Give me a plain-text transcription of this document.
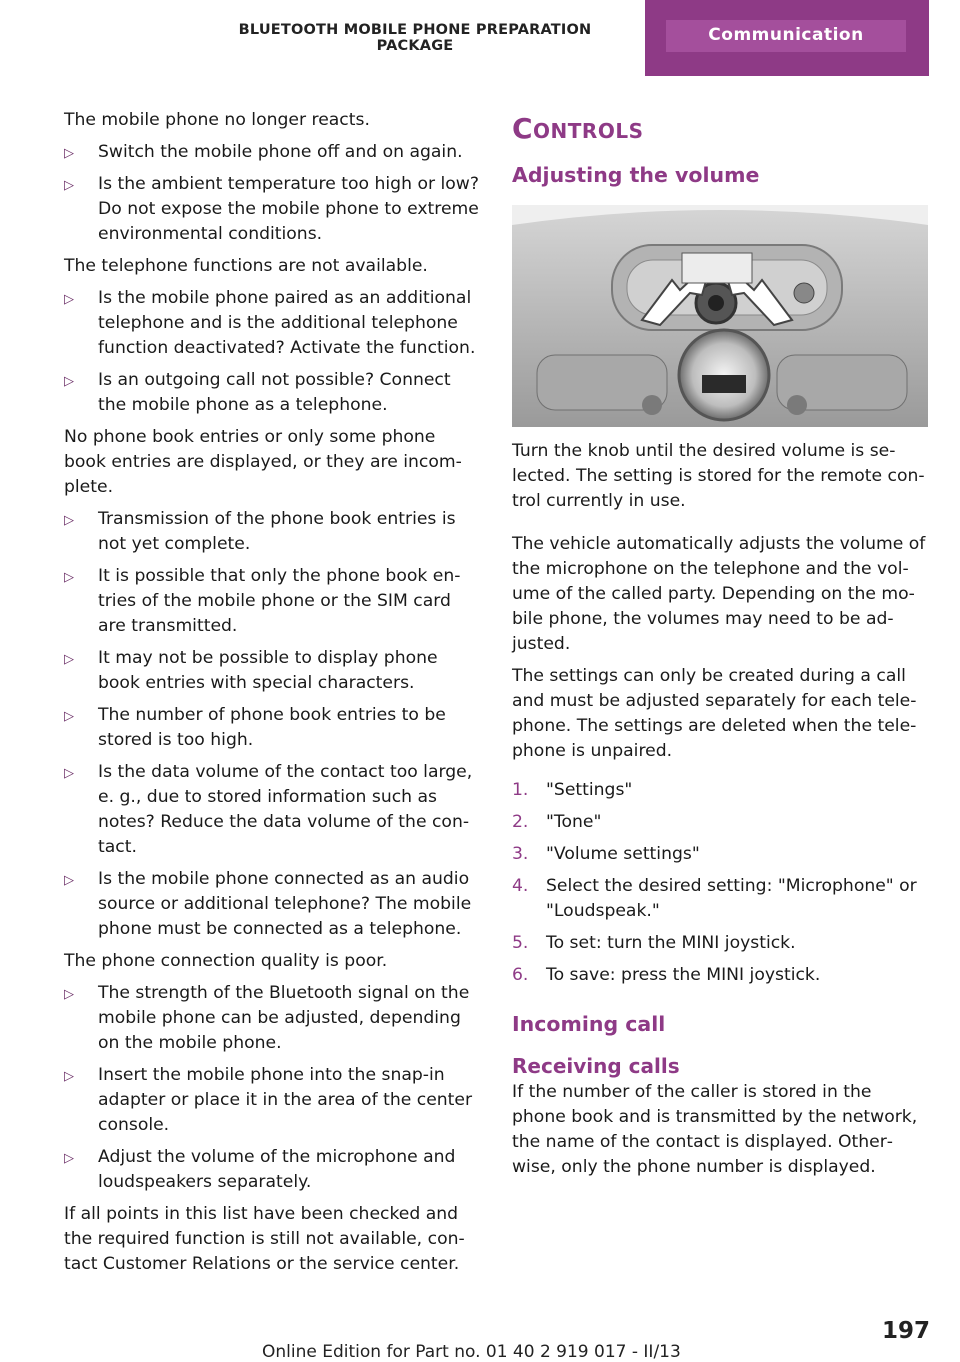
BLUETOOTH MOBILE PHONE PREPARATION PACKAGE
Communication

The mobile phone no longer reacts.

▷ Switch the mobile phone off and on again.
▷ Is the ambient temperature too high or low? Do not expose the mobile phone to extreme environmental conditions.

The telephone functions are not available.

▷ Is the mobile phone paired as an additional telephone and is the additional telephone function deactivated? Activate the function.
▷ Is an outgoing call not possible? Connect the mobile phone as a telephone.

No phone book entries or only some phone book entries are displayed, or they are incom‐plete.

▷ Transmission of the phone book entries is not yet complete.
▷ It is possible that only the phone book en‐tries of the mobile phone or the SIM card are transmitted.
▷ It may not be possible to display phone book entries with special characters.
▷ The number of phone book entries to be stored is too high.
▷ Is the data volume of the contact too large, e. g., due to stored information such as notes? Reduce the data volume of the con‐tact.
▷ Is the mobile phone connected as an audio source or additional telephone? The mobile phone must be connected as a telephone.

The phone connection quality is poor.

▷ The strength of the Bluetooth signal on the mobile phone can be adjusted, depending on the mobile phone.
▷ Insert the mobile phone into the snap-in adapter or place it in the area of the center console.
▷ Adjust the volume of the microphone and loudspeakers separately.

If all points in this list have been checked and the required function is still not available, con‐tact Customer Relations or the service center.

Controls
Adjusting the volume

Turn the knob until the desired volume is se‐lected. The setting is stored for the remote con‐trol currently in use.

The vehicle automatically adjusts the volume of the microphone on the telephone and the vol‐ume of the called party. Depending on the mo‐bile phone, the volumes may need to be ad‐justed.

The settings can only be created during a call and must be adjusted separately for each tele‐phone. The settings are deleted when the tele‐phone is unpaired.

1. "Settings"
2. "Tone"
3. "Volume settings"
4. Select the desired setting: "Microphone" or "Loudspeak."
5. To set: turn the MINI joystick.
6. To save: press the MINI joystick.
Incoming call
Receiving calls

If the number of the caller is stored in the phone book and is transmitted by the network, the name of the contact is displayed. Other‐wise, only the phone number is displayed.

Online Edition for Part no. 01 40 2 919 017 - II/13
197
